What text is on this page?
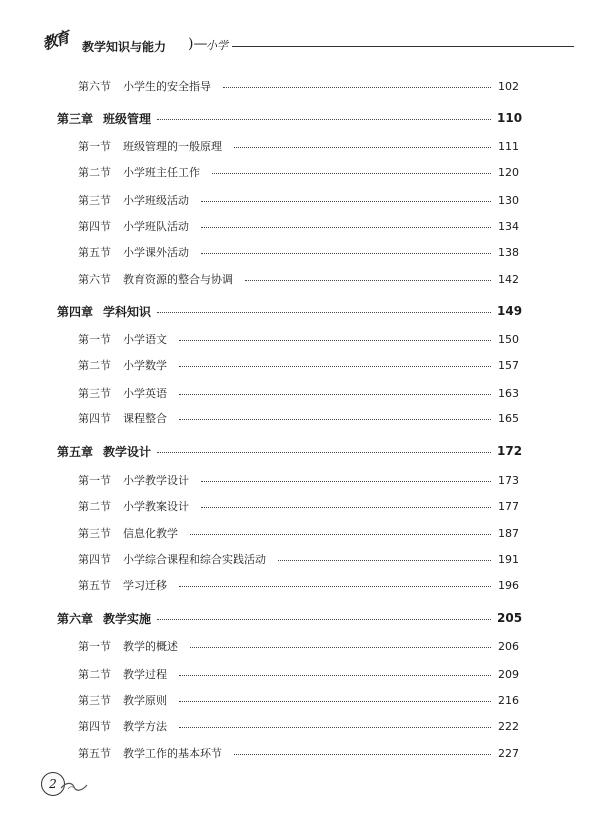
教育 教学知识与能力 )—
小学
第六节	小学生的安全指导	102
第三章 班级管理	110
第一节	班级管理的一般原理	111
第二节	小学班主任工作	120
第三节	小学班级活动	130
第四节	小学班队活动	134
第五节	小学课外活动	138
第六节	教育资源的整合与协调	142
第四章 学科知识	149
第一节	小学语文	150
第二节	小学数学	157
第三节	小学英语	163
第四节	课程整合	165
第五章 教学设计	172
第一节	小学教学设计	173
第二节	小学教案设计	177
第三节	信息化教学	187
第四节	小学综合课程和综合实践活动	191
第五节	学习迁移	196
第六章 教学实施	205
第一节	教学的概述	206
第二节	教学过程	209
第三节	教学原则	216
第四节	教学方法	222
第五节	教学工作的基本环节	227
2
